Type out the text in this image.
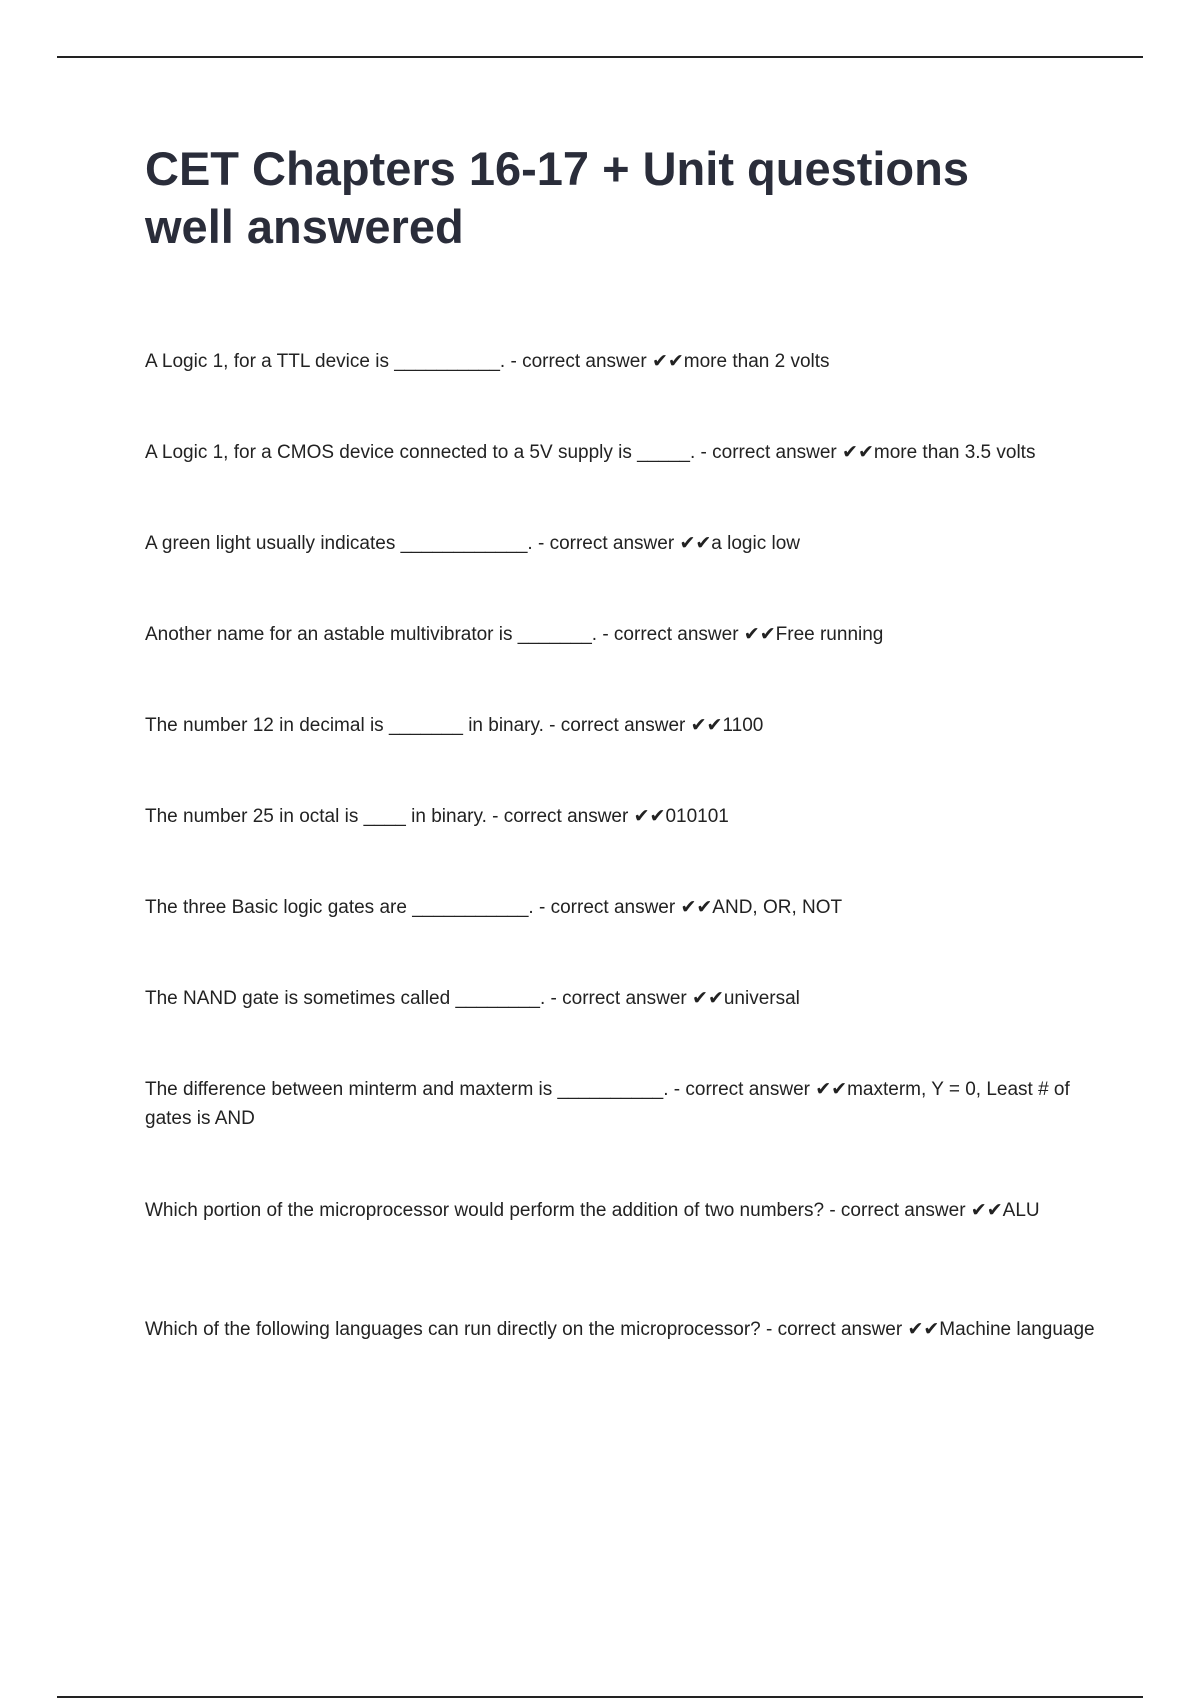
CET Chapters 16-17 + Unit questions well answered
A Logic 1, for a TTL device is __________. - correct answer ✔✔more than 2 volts
A Logic 1, for a CMOS device connected to a 5V supply is _____. - correct answer ✔✔more than 3.5 volts
A green light usually indicates ____________. - correct answer ✔✔a logic low
Another name for an astable multivibrator is _______. - correct answer ✔✔Free running
The number 12 in decimal is _______ in binary. - correct answer ✔✔1100
The number 25 in octal is ____ in binary. - correct answer ✔✔010101
The three Basic logic gates are ___________. - correct answer ✔✔AND, OR, NOT
The NAND gate is sometimes called ________. - correct answer ✔✔universal
The difference between minterm and maxterm is __________. - correct answer ✔✔maxterm, Y = 0, Least # of gates is AND
Which portion of the microprocessor would perform the addition of two numbers? - correct answer ✔✔ALU
Which of the following languages can run directly on the microprocessor? - correct answer ✔✔Machine language
